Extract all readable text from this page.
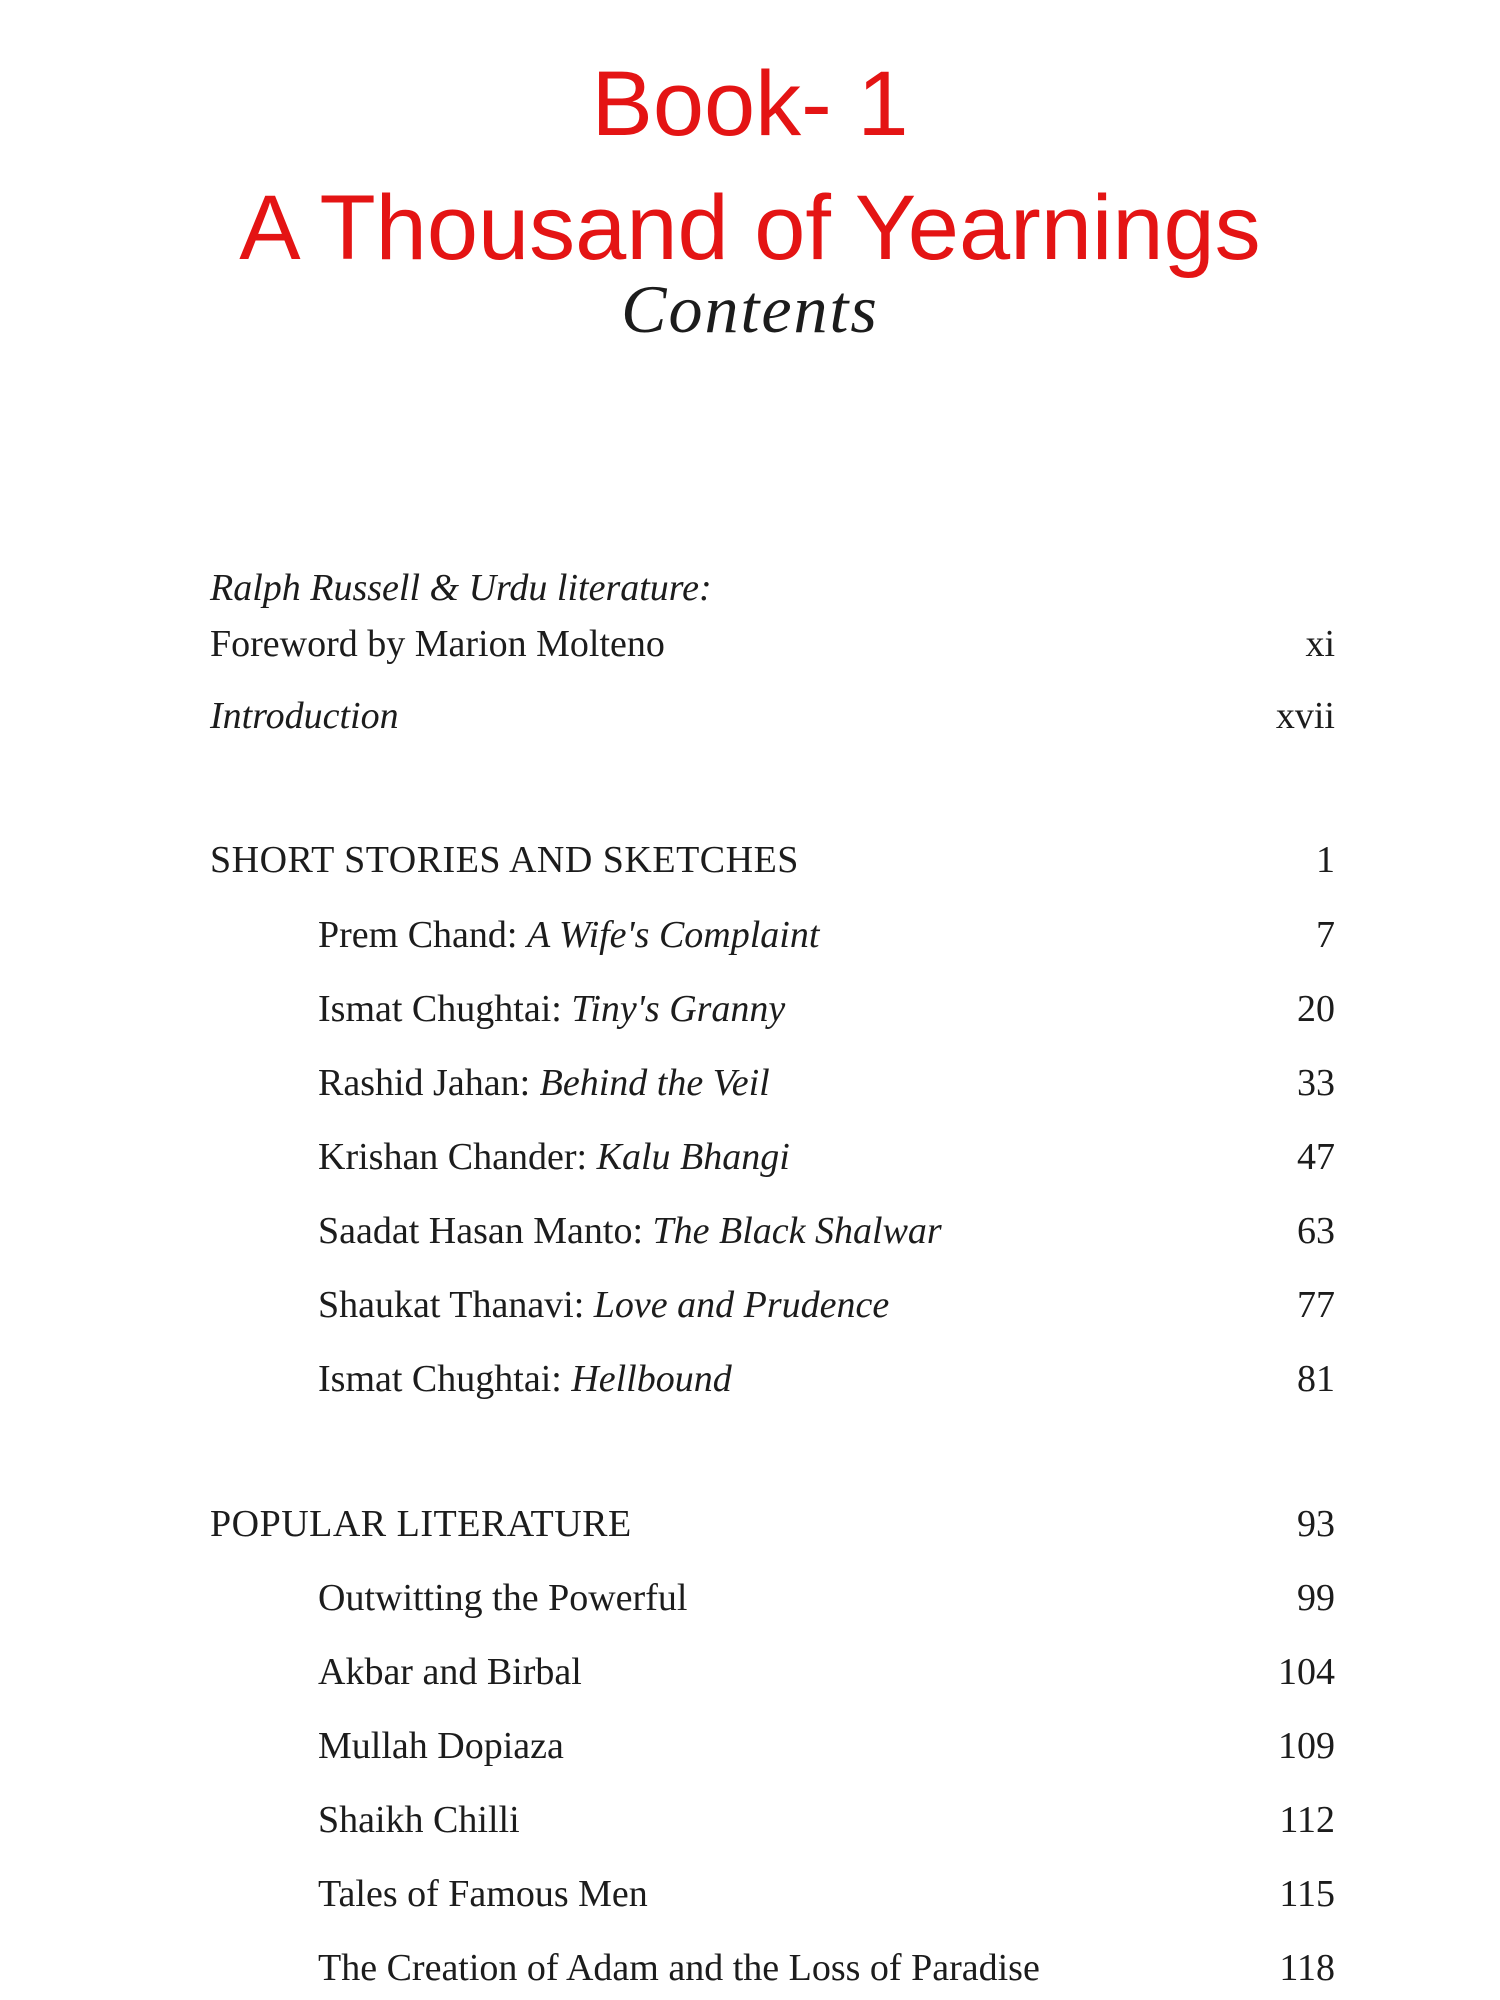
Book- 1
A Thousand of Yearnings
Contents
Ralph Russell & Urdu literature:
Foreword by Marion Molteno	xi
Introduction	xvii
SHORT STORIES AND SKETCHES	1
Prem Chand: A Wife's Complaint	7
Ismat Chughtai: Tiny's Granny	20
Rashid Jahan: Behind the Veil	33
Krishan Chander: Kalu Bhangi	47
Saadat Hasan Manto: The Black Shalwar	63
Shaukat Thanavi: Love and Prudence	77
Ismat Chughtai: Hellbound	81
POPULAR LITERATURE	93
Outwitting the Powerful	99
Akbar and Birbal	104
Mullah Dopiaza	109
Shaikh Chilli	112
Tales of Famous Men	115
The Creation of Adam and the Loss of Paradise	118
